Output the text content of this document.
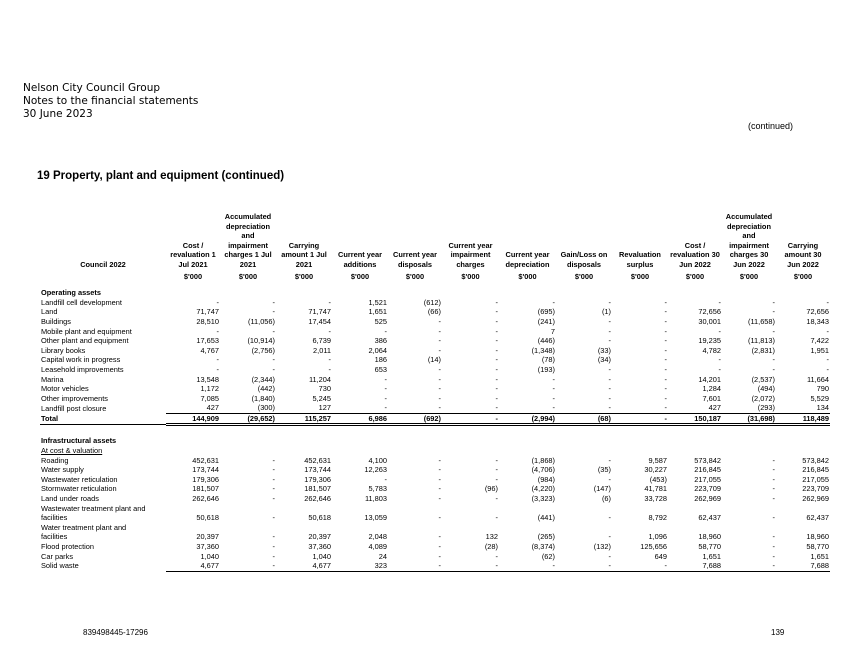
Nelson City Council Group
Notes to the financial statements
30 June 2023
(continued)
19 Property, plant and equipment (continued)
Council 2022	Cost / revaluation 1 Jul 2021	Accumulated depreciation and impairment charges 1 Jul 2021	Carrying amount 1 Jul 2021	Current year additions	Current year disposals	Current year impairment charges	Current year depreciation	Gain/Loss on disposals	Revaluation surplus	Cost / revaluation 30 Jun 2022	Accumulated depreciation and impairment charges 30 Jun 2022	Carrying amount 30 Jun 2022
	$'000	$'000	$'000	$'000	$'000	$'000	$'000	$'000	$'000	$'000	$'000	$'000
Operating assets												
Landfill cell development	-	-	-	1,521	(612)	-	-	-	-	-	-	-
Land	71,747	-	71,747	1,651	(66)	-	(695)	(1)	-	72,656	-	72,656
Buildings	28,510	(11,056)	17,454	525	-	-	(241)	-	-	30,001	(11,658)	18,343
Mobile plant and equipment	-	-	-	-	-	-	7	-	-	-	-	-
Other plant and equipment	17,653	(10,914)	6,739	386	-	-	(446)	-	-	19,235	(11,813)	7,422
Library books	4,767	(2,756)	2,011	2,064	-	-	(1,348)	(33)	-	4,782	(2,831)	1,951
Capital work in progress	-	-	-	186	(14)	-	(78)	(34)	-	-	-	-
Leasehold improvements	-	-	-	653	-	-	(193)	-	-	-	-	-
Marina	13,548	(2,344)	11,204	-	-	-	-	-	-	14,201	(2,537)	11,664
Motor vehicles	1,172	(442)	730	-	-	-	-	-	-	1,284	(494)	790
Other improvements	7,085	(1,840)	5,245	-	-	-	-	-	-	7,601	(2,072)	5,529
Landfill post closure	427	(300)	127	-	-	-	-	-	-	427	(293)	134
Total	144,909	(29,652)	115,257	6,986	(692)	-	(2,994)	(68)	-	150,187	(31,698)	118,489

Infrastructural assets												
At cost & valuation												
Roading	452,631	-	452,631	4,100	-	-	(1,868)	-	9,587	573,842	-	573,842
Water supply	173,744	-	173,744	12,263	-	-	(4,706)	(35)	30,227	216,845	-	216,845
Wastewater reticulation	179,306	-	179,306	-	-	-	(984)	-	(453)	217,055	-	217,055
Stormwater reticulation	181,507	-	181,507	5,783	-	(96)	(4,220)	(147)	41,781	223,709	-	223,709
Land under roads	262,646	-	262,646	11,803	-	-	(3,323)	(6)	33,728	262,969	-	262,969
Wastewater treatment plant and												
facilities	50,618	-	50,618	13,059	-	-	(441)	-	8,792	62,437	-	62,437
Water treatment plant and												
facilities	20,397	-	20,397	2,048	-	132	(265)	-	1,096	18,960	-	18,960
Flood protection	37,360	-	37,360	4,089	-	(28)	(8,374)	(132)	125,656	58,770	-	58,770
Car parks	1,040	-	1,040	24	-	-	(62)	-	649	1,651	-	1,651
Solid waste	4,677	-	4,677	323	-	-	-	-	-	7,688	-	7,688
839498445-17296	139
